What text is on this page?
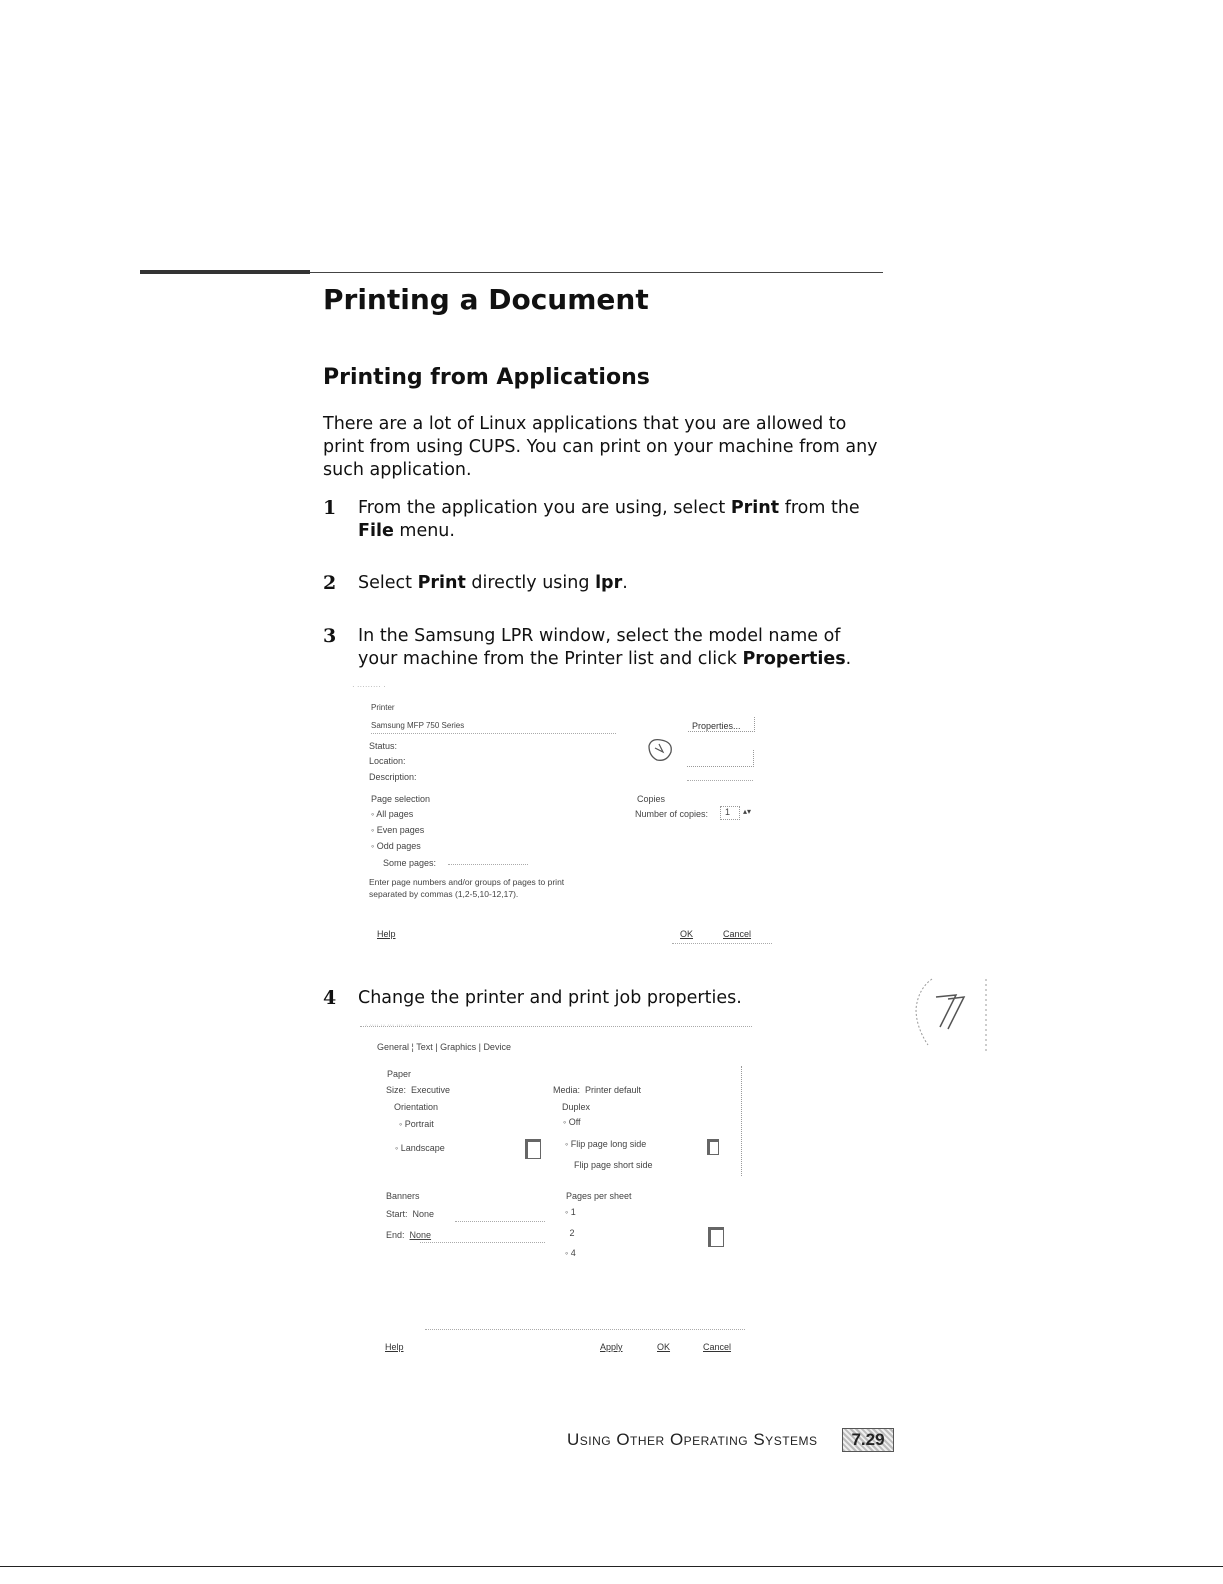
Printing a Document
Printing from Applications

There are a lot of Linux applications that you are allowed to print from using CUPS. You can print on your machine from any such application.

1 From the application you are using, select Print from the File menu.
2 Select Print directly using lpr.
3 In the Samsung LPR window, select the model name of your machine from the Printer list and click Properties.
· ········· ·
Printer
Samsung MFP 750 Series	Properties...
Status:
Location:
Description:
Page selection
◦ All pages
◦ Even pages
◦ Odd pages
Some pages:
Enter page numbers and/or groups of pages to print
separated by commas (1,2-5,10-12,17).
Copies
Number of copies: 1 ▴▾
Help	OK	Cancel
4 Change the printer and print job properties.
· ···· ·· ··· ··· ··· ···
General ¦ Text | Graphics | Device
Paper
Size: Executive	Media: Printer default
Orientation
◦ Portrait
◦ Landscape
Duplex
◦ Off
◦ Flip page long side
Flip page short side
Banners
Start: None
End: None
Pages per sheet
◦ 1
2
◦ 4
Help	Apply	OK	Cancel
Using Other Operating Systems	7.29
